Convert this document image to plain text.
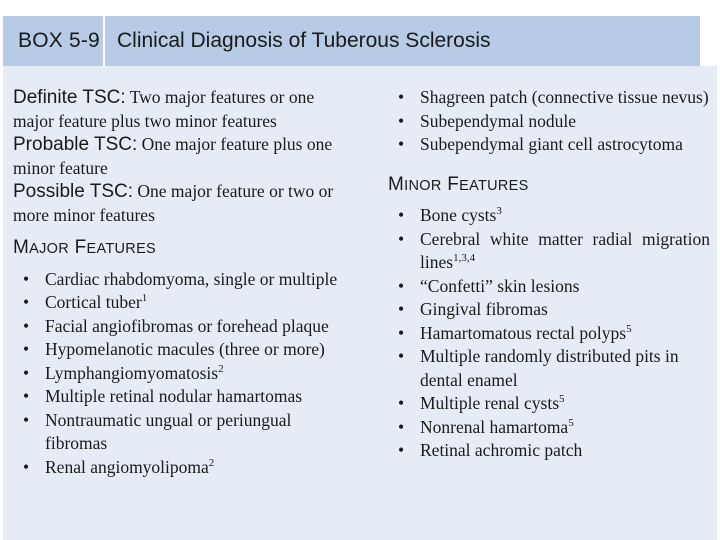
BOX 5-9 Clinical Diagnosis of Tuberous Sclerosis

Definite TSC: Two major features or one major feature plus two minor features

Probable TSC: One major feature plus one minor feature

Possible TSC: One major feature or two or more minor features

MAJOR FEATURES
• Cardiac rhabdomyoma, single or multiple
• Cortical tuber$^1$
• Facial angiofibromas or forehead plaque
• Hypomelanotic macules (three or more)
• Lymphangiomyomatosis$^2$
• Multiple retinal nodular hamartomas
• Nontraumatic ungual or periungual fibromas
• Renal angiomyolipoma$^2$
• Shagreen patch (connective tissue nevus)
• Subependymal nodule
• Subependymal giant cell astrocytoma
MINOR FEATURES
• Bone cysts$^3$
• Cerebral white matter radial migration lines$^{1,3,4}$
• “Confetti” skin lesions
• Gingival fibromas
• Hamartomatous rectal polyps$^5$
• Multiple randomly distributed pits in dental enamel
• Multiple renal cysts$^5$
• Nonrenal hamartoma$^5$
• Retinal achromic patch
